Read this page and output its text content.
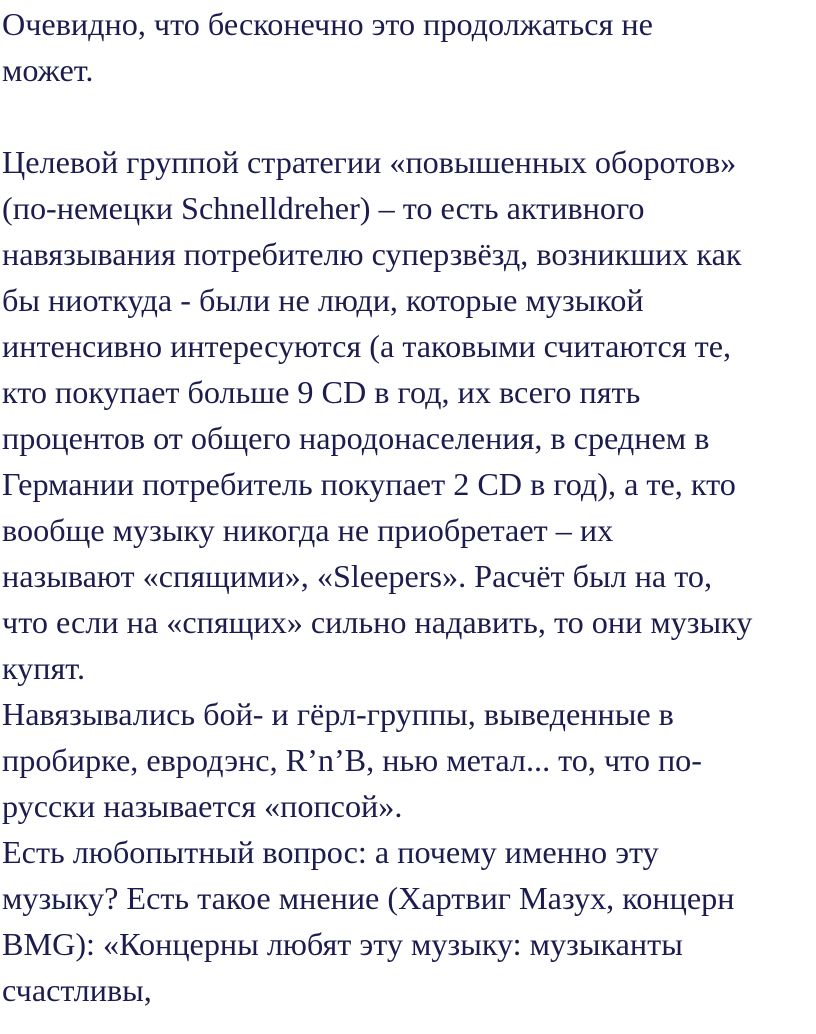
Очевидно, что бесконечно это продолжаться не
может.
Целевой группой стратегии «повышенных оборотов»
(по-немецки Schnelldreher) – то есть активного
навязывания потребителю суперзвёзд, возникших как
бы ниоткуда - были не люди, которые музыкой
интенсивно интересуются (а таковыми считаются те,
кто покупает больше 9 CD в год, их всего пять
процентов от общего народонаселения, в среднем в
Германии потребитель покупает 2 CD в год), а те, кто
вообще музыку никогда не приобретает – их
называют «спящими», «Sleepers». Расчёт был на то,
что если на «спящих» сильно надавить, то они музыку
купят.
Навязывались бой- и гёрл-группы, выведенные в
пробирке, евродэнс, R’n’B, нью метал... то, что по-
русски называется «попсой».
Есть любопытный вопрос: а почему именно эту
музыку? Есть такое мнение (Хартвиг Мазух, концерн
BMG): «Концерны любят эту музыку: музыканты
счастливы,
